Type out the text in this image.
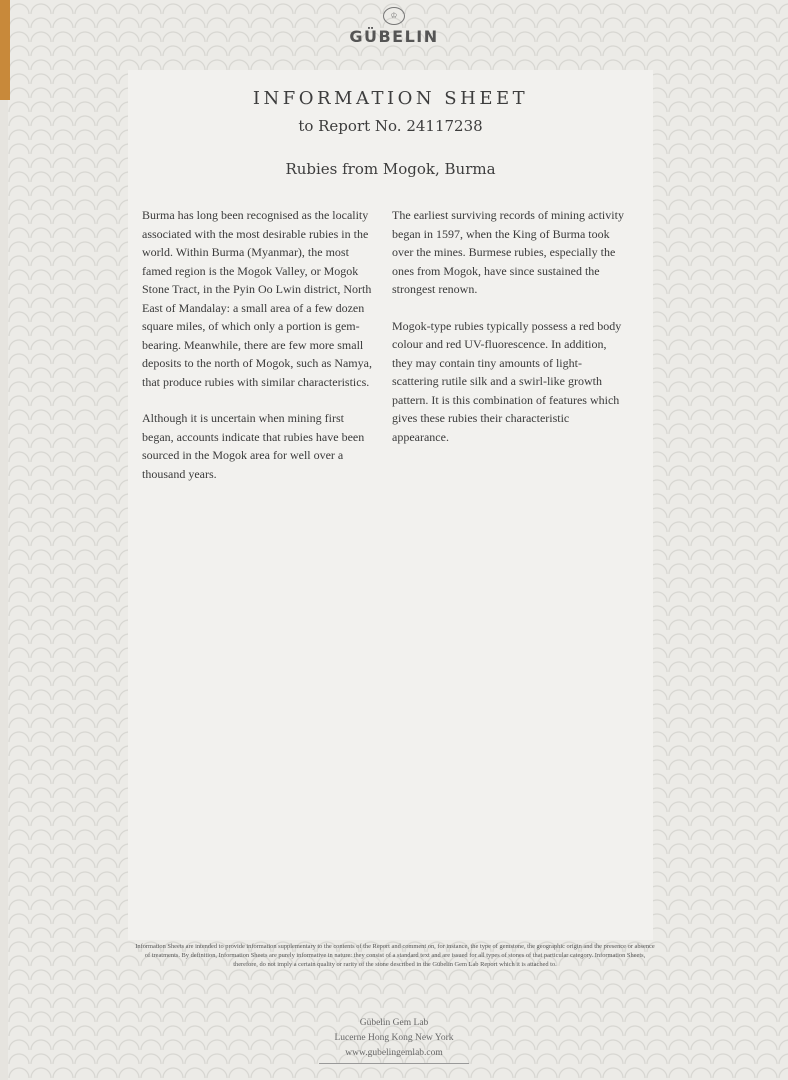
♔
GÜBELIN
INFORMATION SHEET
to Report No. 24117238
Rubies from Mogok, Burma

Burma has long been recognised as the locality associated with the most desirable rubies in the world. Within Burma (Myanmar), the most famed region is the Mogok Valley, or Mogok Stone Tract, in the Pyin Oo Lwin district, North East of Mandalay: a small area of a few dozen square miles, of which only a portion is gem-bearing. Meanwhile, there are few more small deposits to the north of Mogok, such as Namya, that produce rubies with similar characteristics.

Although it is uncertain when mining first began, accounts indicate that rubies have been sourced in the Mogok area for well over a thousand years.

The earliest surviving records of mining activity began in 1597, when the King of Burma took over the mines. Burmese rubies, especially the ones from Mogok, have since sustained the strongest renown.

Mogok-type rubies typically possess a red body colour and red UV-fluorescence. In addition, they may contain tiny amounts of light-scattering rutile silk and a swirl-like growth pattern. It is this combination of features which gives these rubies their characteristic appearance.

Information Sheets are intended to provide information supplementary to the contents of the Report and comment on, for instance, the type of gemstone, the geographic origin and the presence or absence of treatments. By definition, Information Sheets are purely informative in nature: they consist of a standard text and are issued for all types of stones of that particular category. Information Sheets, therefore, do not imply a certain quality or rarity of the stone described in the Gübelin Gem Lab Report which it is attached to.
Gübelin Gem Lab
Lucerne Hong Kong New York
www.gubelingemlab.com
